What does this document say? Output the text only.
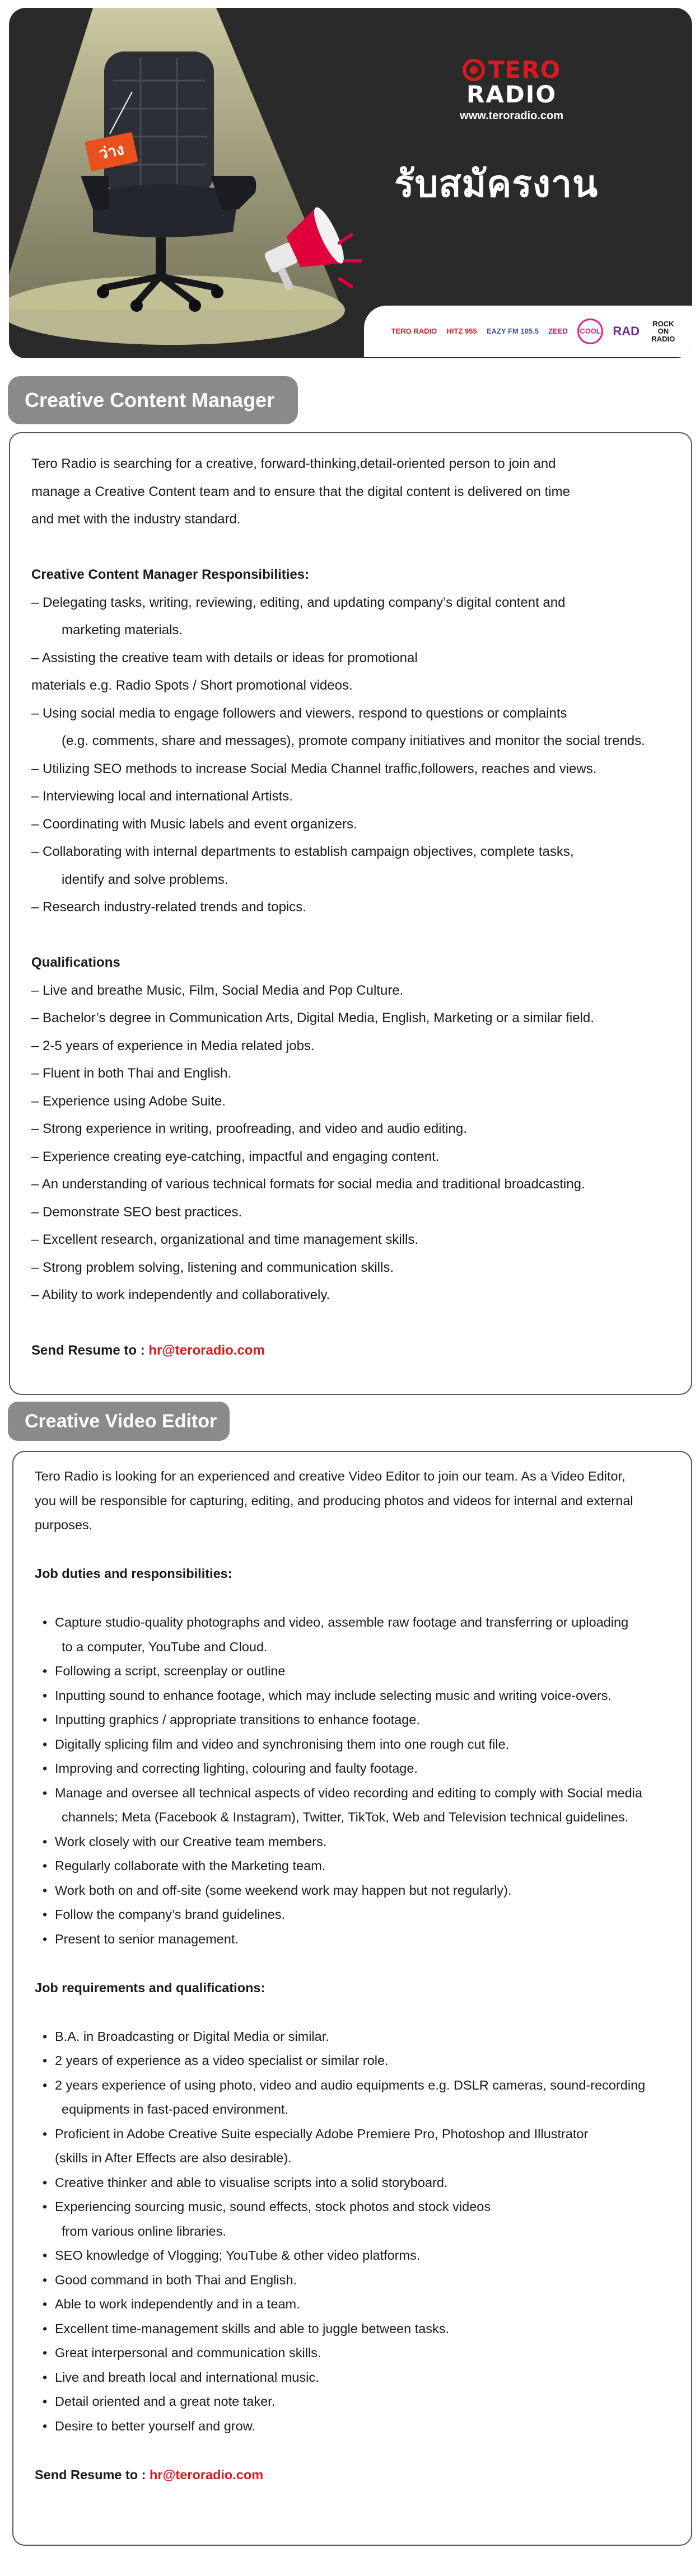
ว่าง
TERO
RADIO
www.teroradio.com
รับสมัครงาน
TERO RADIO HITZ 955 EAZY FM 105.5 ZEED	COOL RAD
ROCK ON RADIO
Creative Content Manager

Tero Radio is searching for a creative, forward-thinking,detail-oriented person to join and

manage a Creative Content team and to ensure that the digital content is delivered on time

and met with the industry standard.

Creative Content Manager Responsibilities:

– Delegating tasks, writing, reviewing, editing, and updating company’s digital content and
marketing materials.

– Assisting the creative team with details or ideas for promotional

materials e.g. Radio Spots / Short promotional videos.

– Using social media to engage followers and viewers, respond to questions or complaints
(e.g. comments, share and messages), promote company initiatives and monitor the social trends.

– Utilizing SEO methods to increase Social Media Channel traffic,followers, reaches and views.

– Interviewing local and international Artists.

– Coordinating with Music labels and event organizers.

– Collaborating with internal departments to establish campaign objectives, complete tasks,
identify and solve problems.

– Research industry-related trends and topics.

Qualifications

– Live and breathe Music, Film, Social Media and Pop Culture.

– Bachelor’s degree in Communication Arts, Digital Media, English, Marketing or a similar field.

– 2-5 years of experience in Media related jobs.

– Fluent in both Thai and English.

– Experience using Adobe Suite.

– Strong experience in writing, proofreading, and video and audio editing.

– Experience creating eye-catching, impactful and engaging content.

– An understanding of various technical formats for social media and traditional broadcasting.

– Demonstrate SEO best practices.

– Excellent research, organizational and time management skills.

– Strong problem solving, listening and communication skills.

– Ability to work independently and collaboratively.

Send Resume to : hr@teroradio.com

Creative Video Editor

Tero Radio is looking for an experienced and creative Video Editor to join our team. As a Video Editor,

you will be responsible for capturing, editing, and producing photos and videos for internal and external

purposes.

Job duties and responsibilities:

• Capture studio-quality photographs and video, assemble raw footage and transferring or uploading
to a computer, YouTube and Cloud.

• Following a script, screenplay or outline

• Inputting sound to enhance footage, which may include selecting music and writing voice-overs.

• Inputting graphics / appropriate transitions to enhance footage.

• Digitally splicing film and video and synchronising them into one rough cut file.

• Improving and correcting lighting, colouring and faulty footage.

• Manage and oversee all technical aspects of video recording and editing to comply with Social media
channels; Meta (Facebook & Instagram), Twitter, TikTok, Web and Television technical guidelines.

• Work closely with our Creative team members.

• Regularly collaborate with the Marketing team.

• Work both on and off-site (some weekend work may happen but not regularly).

• Follow the company’s brand guidelines.

• Present to senior management.

Job requirements and qualifications:

• B.A. in Broadcasting or Digital Media or similar.

• 2 years of experience as a video specialist or similar role.

• 2 years experience of using photo, video and audio equipments e.g. DSLR cameras, sound-recording
equipments in fast-paced environment.

• Proficient in Adobe Creative Suite especially Adobe Premiere Pro, Photoshop and Illustrator
(skills in After Effects are also desirable).

• Creative thinker and able to visualise scripts into a solid storyboard.

• Experiencing sourcing music, sound effects, stock photos and stock videos
from various online libraries.

• SEO knowledge of Vlogging; YouTube & other video platforms.

• Good command in both Thai and English.

• Able to work independently and in a team.

• Excellent time-management skills and able to juggle between tasks.

• Great interpersonal and communication skills.

• Live and breath local and international music.

• Detail oriented and a great note taker.

• Desire to better yourself and grow.

Send Resume to : hr@teroradio.com
